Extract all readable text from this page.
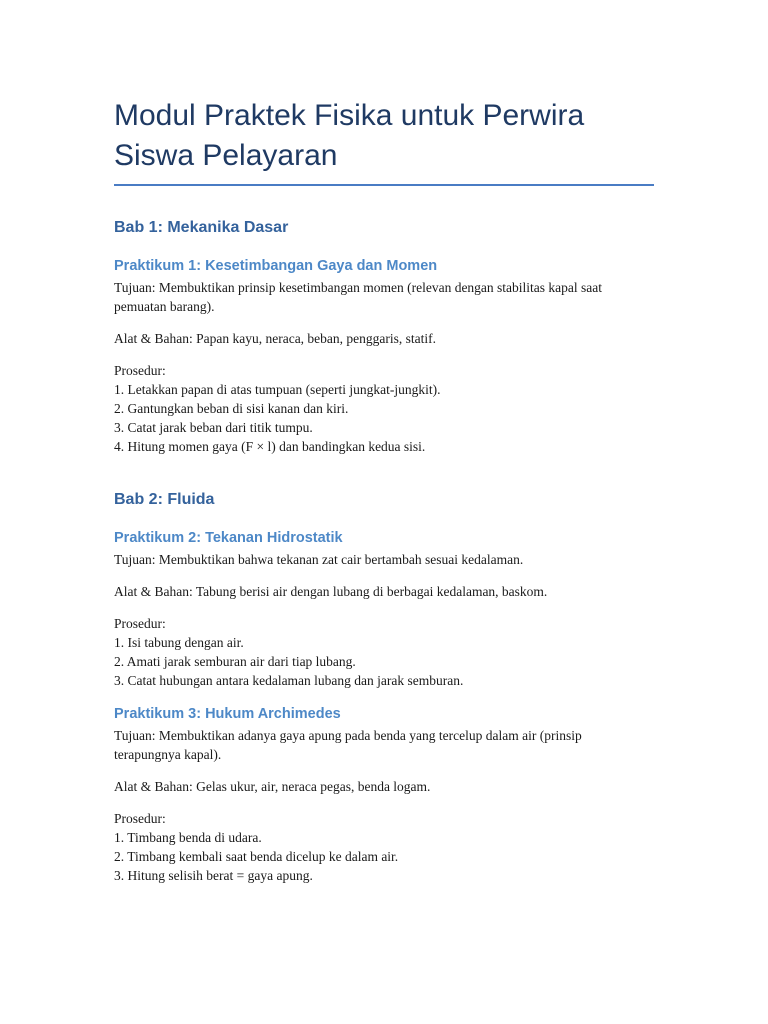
Modul Praktek Fisika untuk Perwira
Siswa Pelayaran
Bab 1: Mekanika Dasar
Praktikum 1: Kesetimbangan Gaya dan Momen

Tujuan: Membuktikan prinsip kesetimbangan momen (relevan dengan stabilitas kapal saat
pemuatan barang).

Alat & Bahan: Papan kayu, neraca, beban, penggaris, statif.

Prosedur:
1. Letakkan papan di atas tumpuan (seperti jungkat-jungkit).
2. Gantungkan beban di sisi kanan dan kiri.
3. Catat jarak beban dari titik tumpu.
4. Hitung momen gaya (F × l) dan bandingkan kedua sisi.

Bab 2: Fluida
Praktikum 2: Tekanan Hidrostatik

Tujuan: Membuktikan bahwa tekanan zat cair bertambah sesuai kedalaman.

Alat & Bahan: Tabung berisi air dengan lubang di berbagai kedalaman, baskom.

Prosedur:
1. Isi tabung dengan air.
2. Amati jarak semburan air dari tiap lubang.
3. Catat hubungan antara kedalaman lubang dan jarak semburan.

Praktikum 3: Hukum Archimedes

Tujuan: Membuktikan adanya gaya apung pada benda yang tercelup dalam air (prinsip
terapungnya kapal).

Alat & Bahan: Gelas ukur, air, neraca pegas, benda logam.

Prosedur:
1. Timbang benda di udara.
2. Timbang kembali saat benda dicelup ke dalam air.
3. Hitung selisih berat = gaya apung.
